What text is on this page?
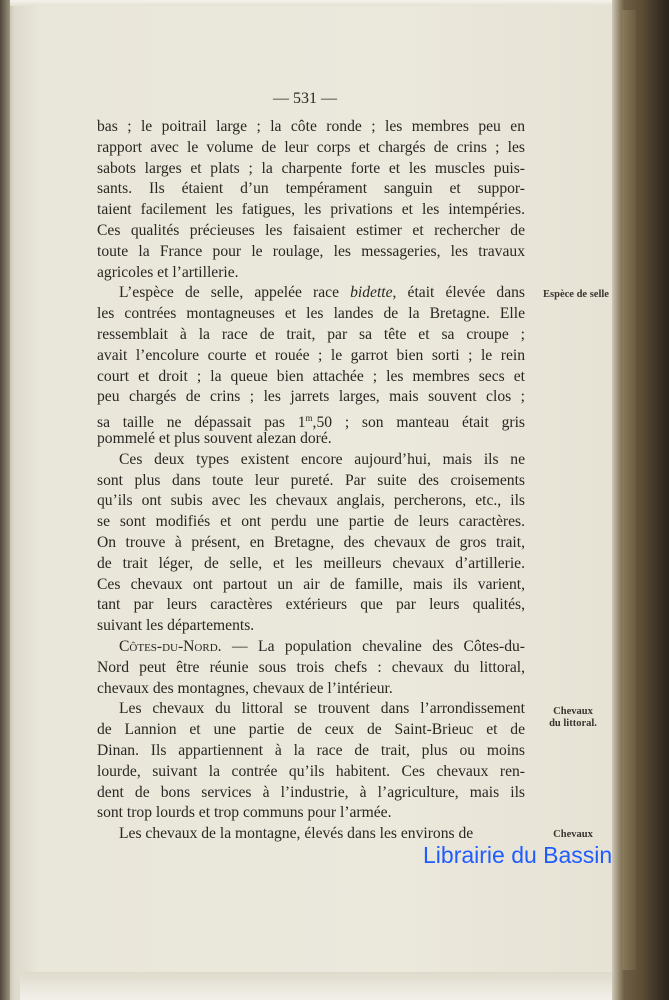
— 531 —
bas ; le poitrail large ; la côte ronde ; les membres peu en
rapport avec le volume de leur corps et chargés de crins ; les
sabots larges et plats ; la charpente forte et les muscles puis-
sants. Ils étaient d’un tempérament sanguin et suppor-
taient facilement les fatigues, les privations et les intempéries.
Ces qualités précieuses les faisaient estimer et rechercher de
toute la France pour le roulage, les messageries, les travaux
agricoles et l’artillerie.
L’espèce de selle, appelée race bidette, était élevée dans
les contrées montagneuses et les landes de la Bretagne. Elle
ressemblait à la race de trait, par sa tête et sa croupe ;
avait l’encolure courte et rouée ; le garrot bien sorti ; le rein
court et droit ; la queue bien attachée ; les membres secs et
peu chargés de crins ; les jarrets larges, mais souvent clos ;
sa taille ne dépassait pas 1$^m$,50 ; son manteau était gris
pommelé et plus souvent alezan doré.
Ces deux types existent encore aujourd’hui, mais ils ne
sont plus dans toute leur pureté. Par suite des croisements
qu’ils ont subis avec les chevaux anglais, percherons, etc., ils
se sont modifiés et ont perdu une partie de leurs caractères.
On trouve à présent, en Bretagne, des chevaux de gros trait,
de trait léger, de selle, et les meilleurs chevaux d’artillerie.
Ces chevaux ont partout un air de famille, mais ils varient,
tant par leurs caractères extérieurs que par leurs qualités,
suivant les départements.
Côtes-du-Nord. — La population chevaline des Côtes-du-
Nord peut être réunie sous trois chefs : chevaux du littoral,
chevaux des montagnes, chevaux de l’intérieur.
Les chevaux du littoral se trouvent dans l’arrondissement
de Lannion et une partie de ceux de Saint-Brieuc et de
Dinan. Ils appartiennent à la race de trait, plus ou moins
lourde, suivant la contrée qu’ils habitent. Ces chevaux ren-
dent de bons services à l’industrie, à l’agriculture, mais ils
sont trop lourds et trop communs pour l’armée.
Les chevaux de la montagne, élevés dans les environs de
Espèce de selle
Chevaux
du littoral.
Chevaux
Librairie du Bassin
